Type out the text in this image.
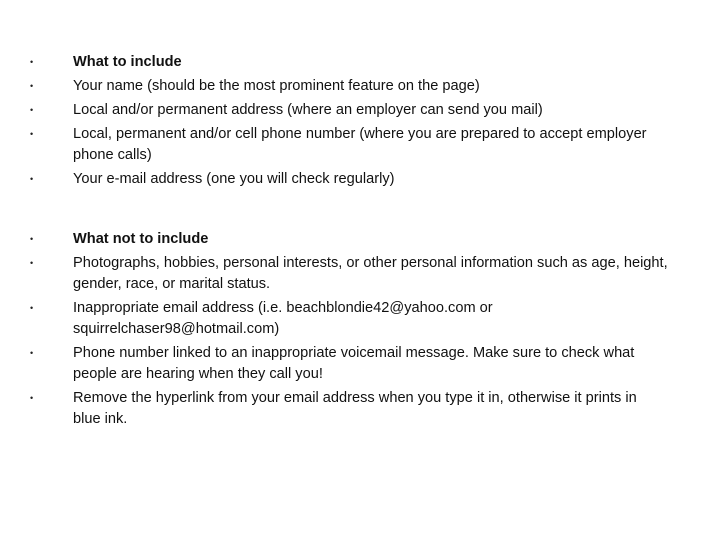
•	What to include
•	Your name (should be the most prominent feature on the page)
•	Local and/or permanent address (where an employer can send you mail)
•	Local, permanent and/or cell phone number (where you are prepared to accept employer phone calls)
•	Your e-mail address (one you will check regularly)
•	What not to include
•	Photographs, hobbies, personal interests, or other personal information such as age, height, gender, race, or marital status.
•	Inappropriate email address (i.e. beachblondie42@yahoo.com or squirrelchaser98@hotmail.com)
•	Phone number linked to an inappropriate voicemail message. Make sure to check what people are hearing when they call you!
•	Remove the hyperlink from your email address when you type it in, otherwise it prints in blue ink.
